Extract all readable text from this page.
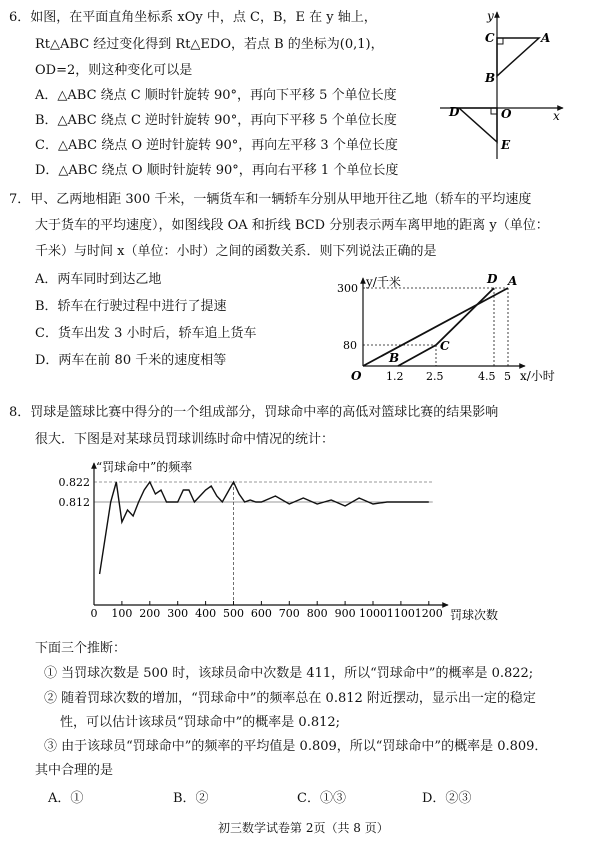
6．如图，在平面直角坐标系 xOy 中，点 C，B，E 在 y 轴上，
Rt△ABC 经过变化得到 Rt△EDO，若点 B 的坐标为(0,1)，
OD=2，则这种变化可以是
A．△ABC 绕点 C 顺时针旋转 90°，再向下平移 5 个单位长度
B．△ABC 绕点 C 逆时针旋转 90°，再向下平移 5 个单位长度
C．△ABC 绕点 O 逆时针旋转 90°，再向左平移 3 个单位长度
D．△ABC 绕点 O 顺时针旋转 90°，再向右平移 1 个单位长度
y
C	A
B
D	O	x
E
7．甲、乙两地相距 300 千米，一辆货车和一辆轿车分别从甲地开往乙地（轿车的平均速度
大于货车的平均速度），如图线段 OA 和折线 BCD 分别表示两车离甲地的距离 y（单位：
千米）与时间 x（单位：小时）之间的函数关系．则下列说法正确的是
A．两车同时到达乙地
B．轿车在行驶过程中进行了提速
C．货车出发 3 小时后，轿车追上货车
D．两车在前 80 千米的速度相等
y/千米
300
80
O 1.2 2.5	4.5 5 x/小时
D A
C
B
8．罚球是篮球比赛中得分的一个组成部分，罚球命中率的高低对篮球比赛的结果影响
很大．下图是对某球员罚球训练时命中情况的统计：
“罚球命中”的频率
罚球次数
0 100 200 300 400 500 600 700 800 900 1000 1100 1200
0.812
0.822
下面三个推断：
① 当罚球次数是 500 时，该球员命中次数是 411，所以“罚球命中”的概率是 0.822;
② 随着罚球次数的增加，“罚球命中”的频率总在 0.812 附近摆动，显示出一定的稳定
性，可以估计该球员“罚球命中”的概率是 0.812;
③ 由于该球员“罚球命中”的频率的平均值是 0.809，所以“罚球命中”的概率是 0.809．
其中合理的是
A．①	B．②	C．①③	D．②③
初三数学试卷第 2页（共 8 页）
